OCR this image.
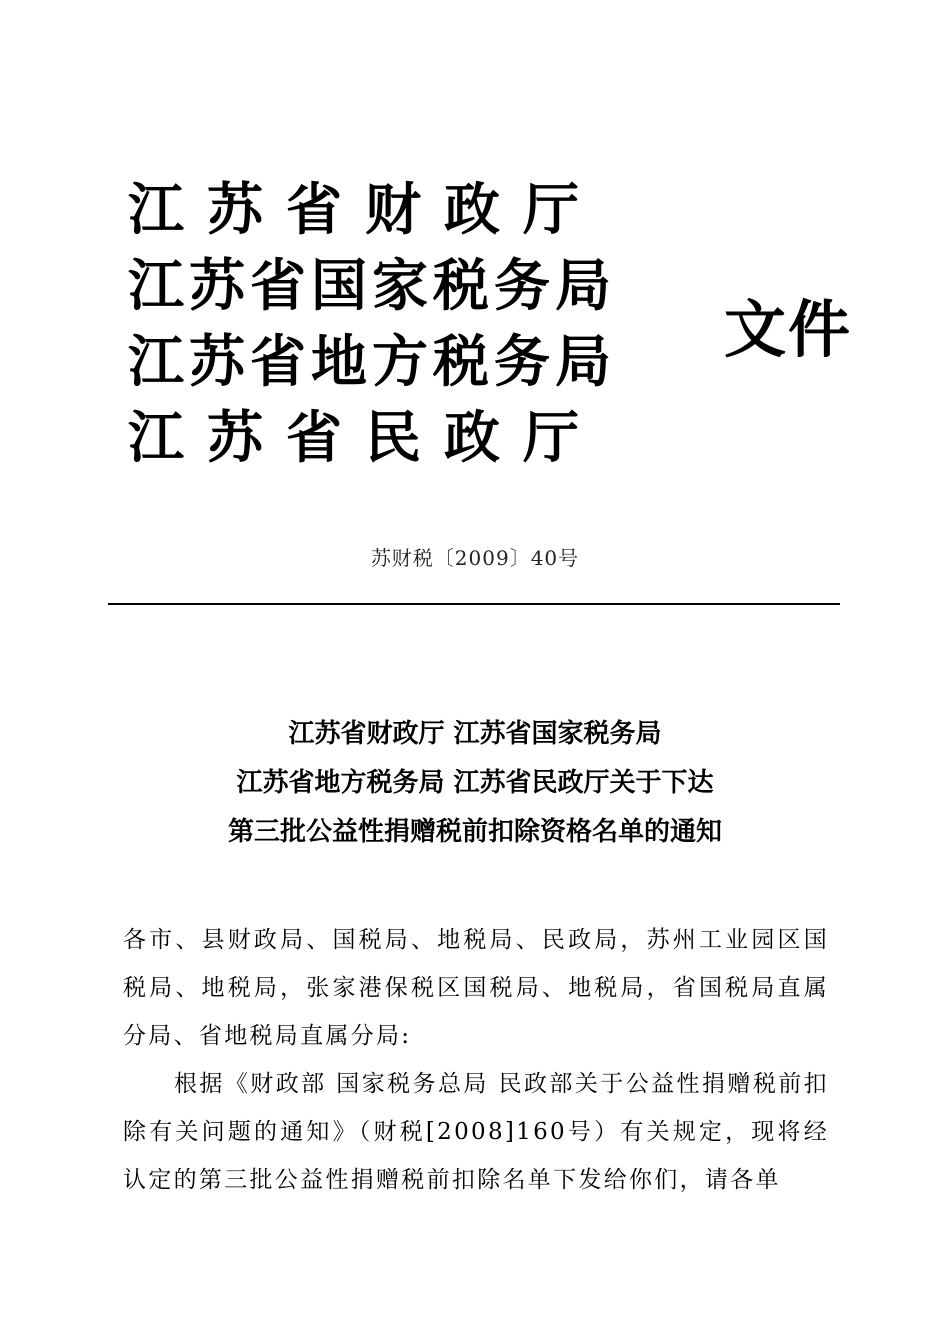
江苏省财政厅
江苏省国家税务局
江苏省地方税务局
江苏省民政厅
文件
苏财税〔2009〕40号
江苏省财政厅 江苏省国家税务局
江苏省地方税务局 江苏省民政厅关于下达
第三批公益性捐赠税前扣除资格名单的通知

各市、县财政局、国税局、地税局、民政局，苏州工业园区国税局、地税局，张家港保税区国税局、地税局，省国税局直属分局、省地税局直属分局:

根据《财政部 国家税务总局 民政部关于公益性捐赠税前扣除有关问题的通知》（财税[2008]160号）有关规定，现将经认定的第三批公益性捐赠税前扣除名单下发给你们，请各单
